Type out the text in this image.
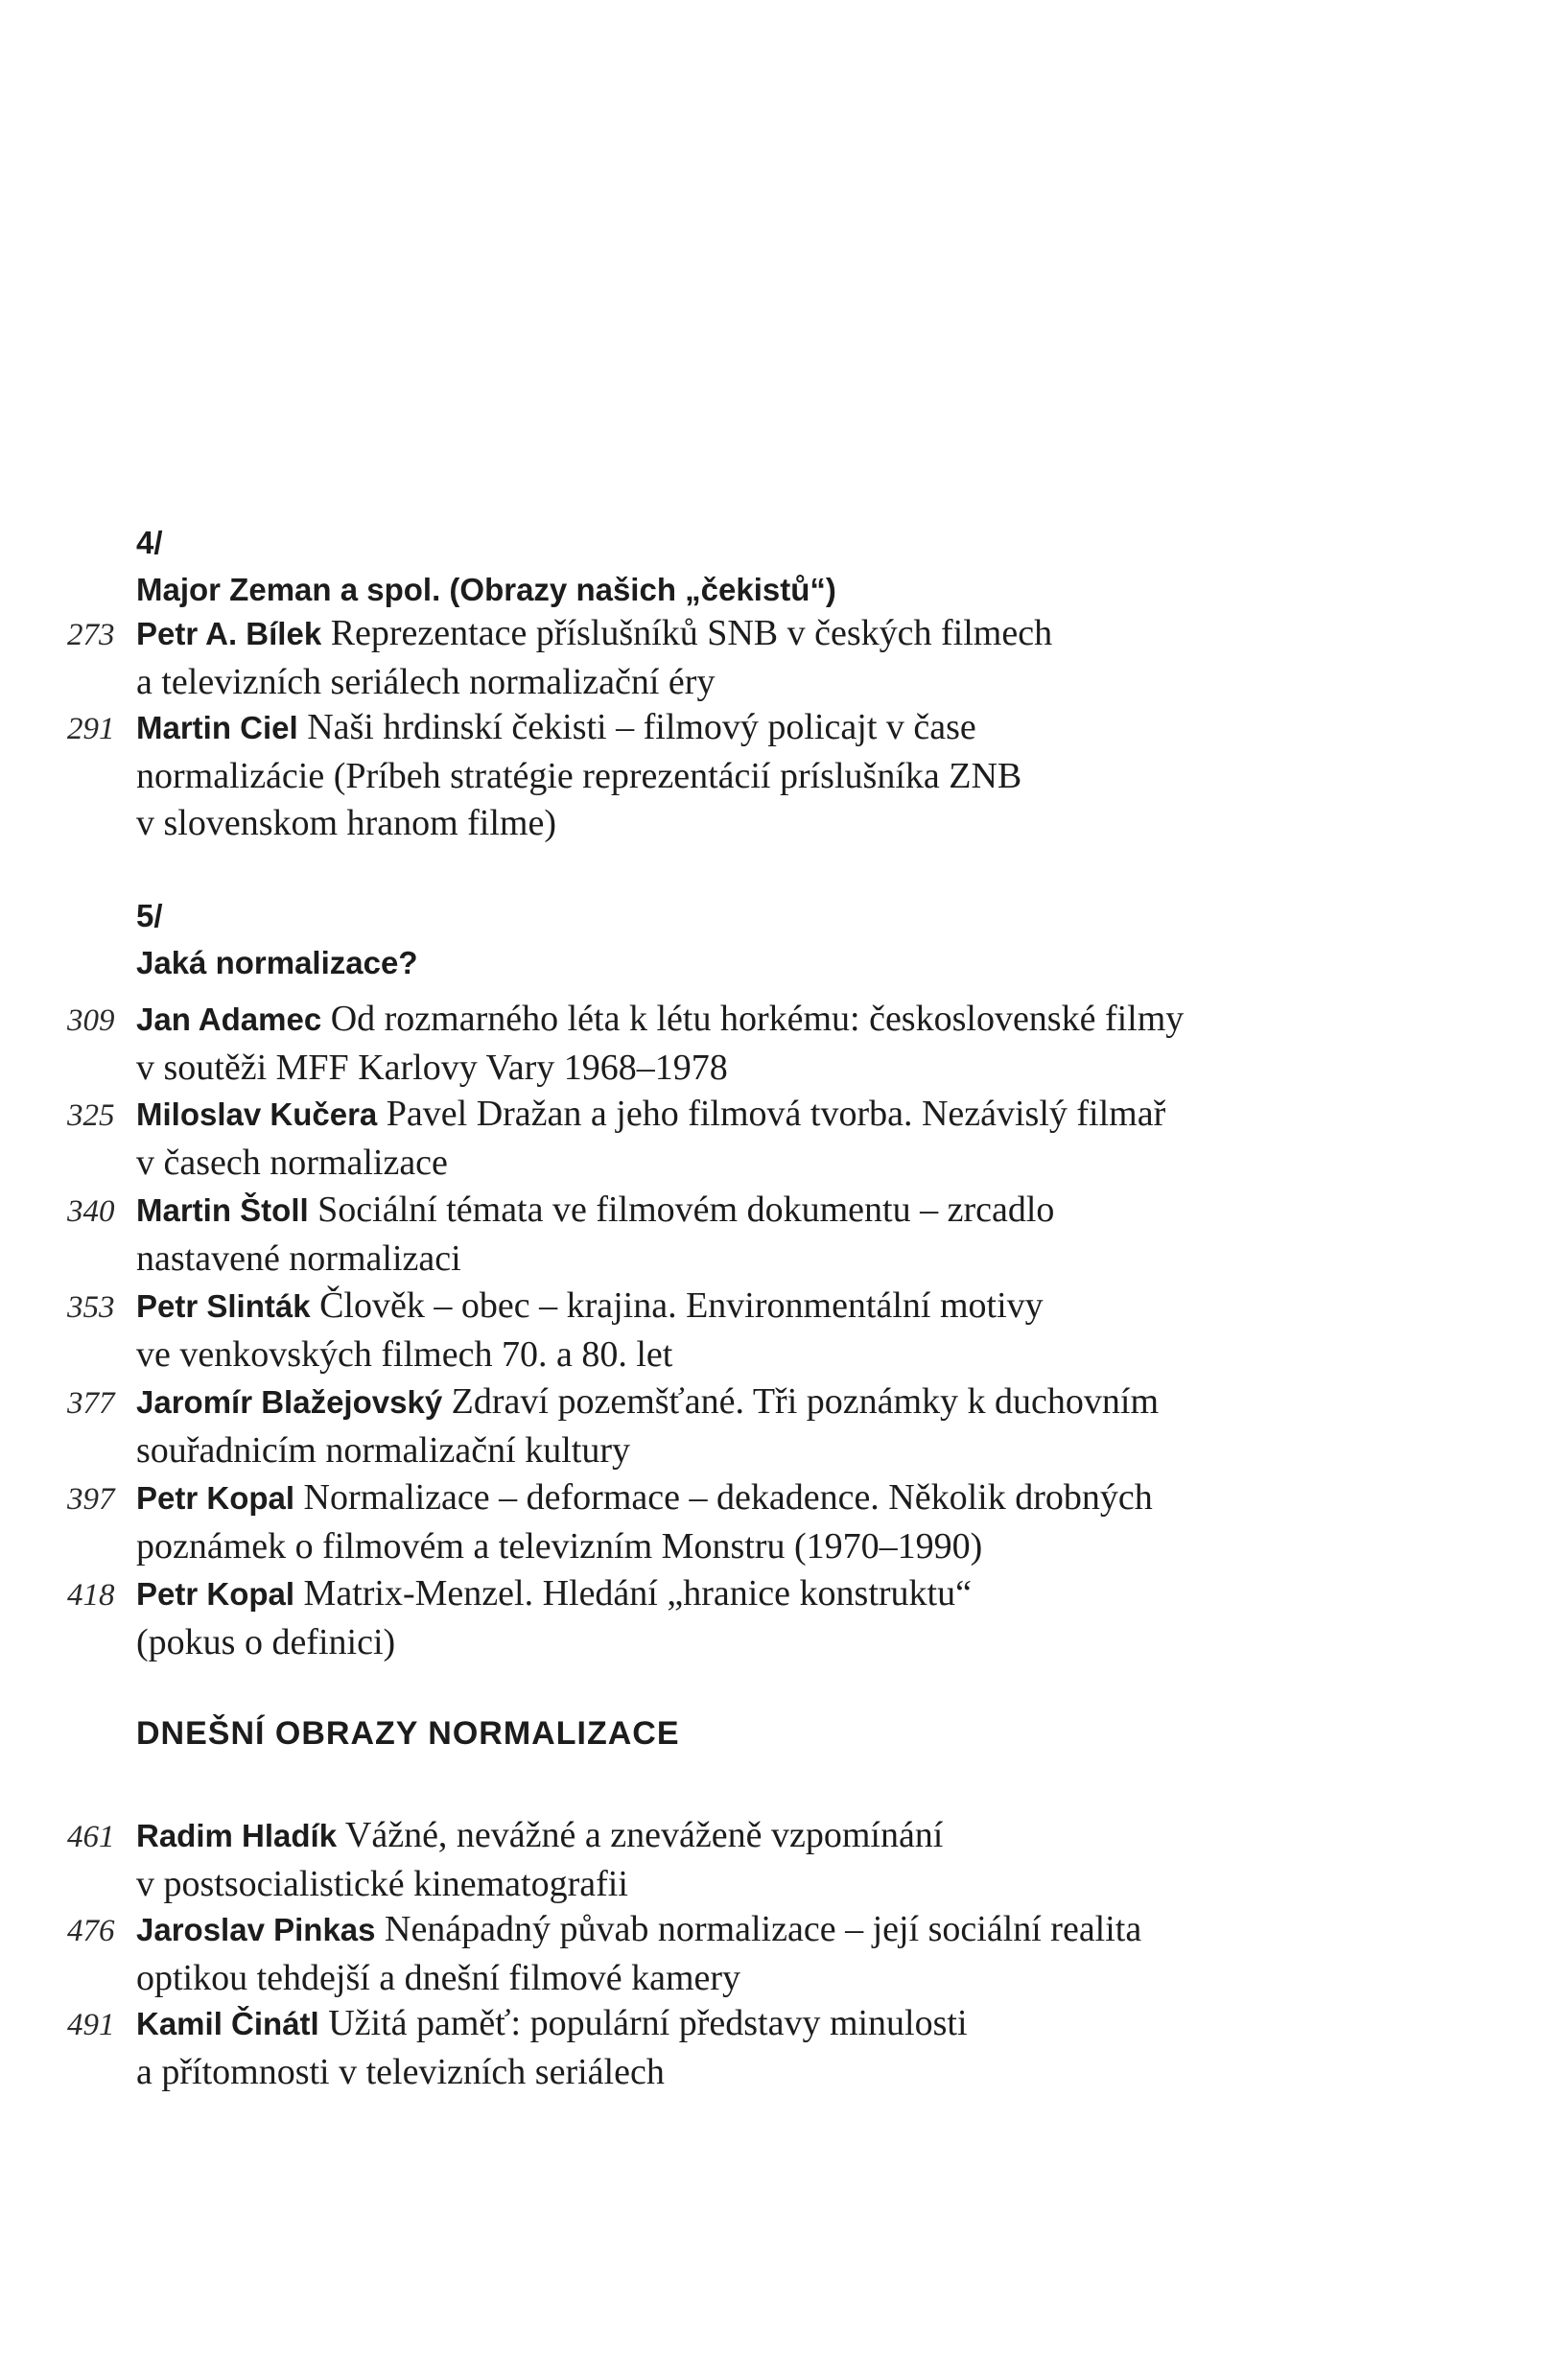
4/
Major Zeman a spol. (Obrazy našich „čekistů“)
273 Petr A. Bílek Reprezentace příslušníků SNB v českých filmech
a televizních seriálech normalizační éry
291 Martin Ciel Naši hrdinskí čekisti – filmový policajt v čase
normalizácie (Príbeh stratégie reprezentácií príslušníka ZNB
v slovenskom hranom filme)
5/
Jaká normalizace?
309 Jan Adamec Od rozmarného léta k létu horkému: československé filmy
v soutěži MFF Karlovy Vary 1968–1978
325 Miloslav Kučera Pavel Dražan a jeho filmová tvorba. Nezávislý filmař
v časech normalizace
340 Martin Štoll Sociální témata ve filmovém dokumentu – zrcadlo
nastavené normalizaci
353 Petr Slinták Člověk – obec – krajina. Environmentální motivy
ve venkovských filmech 70. a 80. let
377 Jaromír Blažejovský Zdraví pozemšťané. Tři poznámky k duchovním
souřadnicím normalizační kultury
397 Petr Kopal Normalizace – deformace – dekadence. Několik drobných
poznámek o filmovém a televizním Monstru (1970–1990)
418 Petr Kopal Matrix-Menzel. Hledání „hranice konstruktu“
(pokus o definici)
DNEŠNÍ OBRAZY NORMALIZACE
461 Radim Hladík Vážné, nevážné a zneváženě vzpomínání
v postsocialistické kinematografii
476 Jaroslav Pinkas Nenápadný půvab normalizace – její sociální realita
optikou tehdejší a dnešní filmové kamery
491 Kamil Činátl Užitá paměť: populární představy minulosti
a přítomnosti v televizních seriálech
